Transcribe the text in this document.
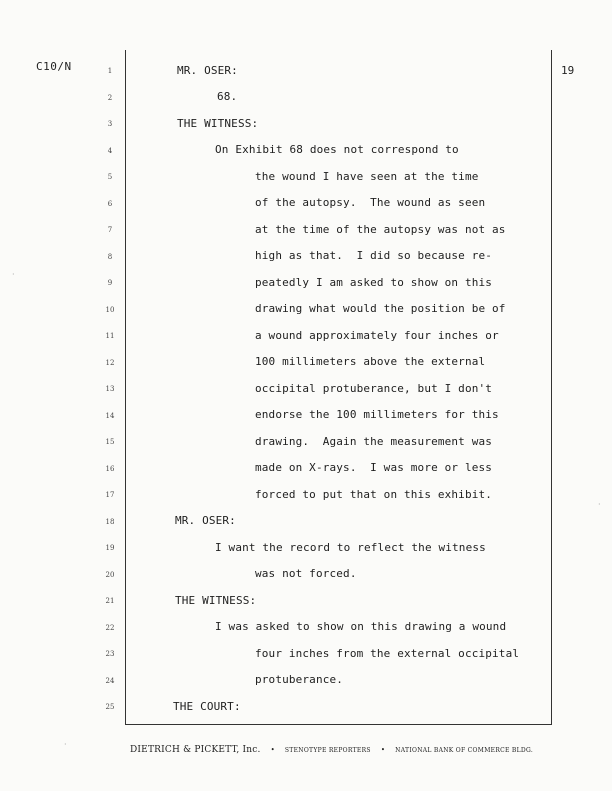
C10/N	19
1
2
3
4
5
6
7
8
9
10
11
12
13
14
15
16
17
18
19
20
21
22
23
24
25
MR. OSER:
68.
THE WITNESS:
On Exhibit 68 does not correspond to
the wound I have seen at the time
of the autopsy.  The wound as seen
at the time of the autopsy was not as
high as that.  I did so because re-
peatedly I am asked to show on this
drawing what would the position be of
a wound approximately four inches or
100 millimeters above the external
occipital protuberance, but I don't
endorse the 100 millimeters for this
drawing.  Again the measurement was
made on X-rays.  I was more or less
forced to put that on this exhibit.
MR. OSER:
I want the record to reflect the witness
was not forced.
THE WITNESS:
I was asked to show on this drawing a wound
four inches from the external occipital
protuberance.
THE COURT:
DIETRICH & PICKETT, Inc. • STENOTYPE REPORTERS • NATIONAL BANK OF COMMERCE BLDG.
·
·
·
